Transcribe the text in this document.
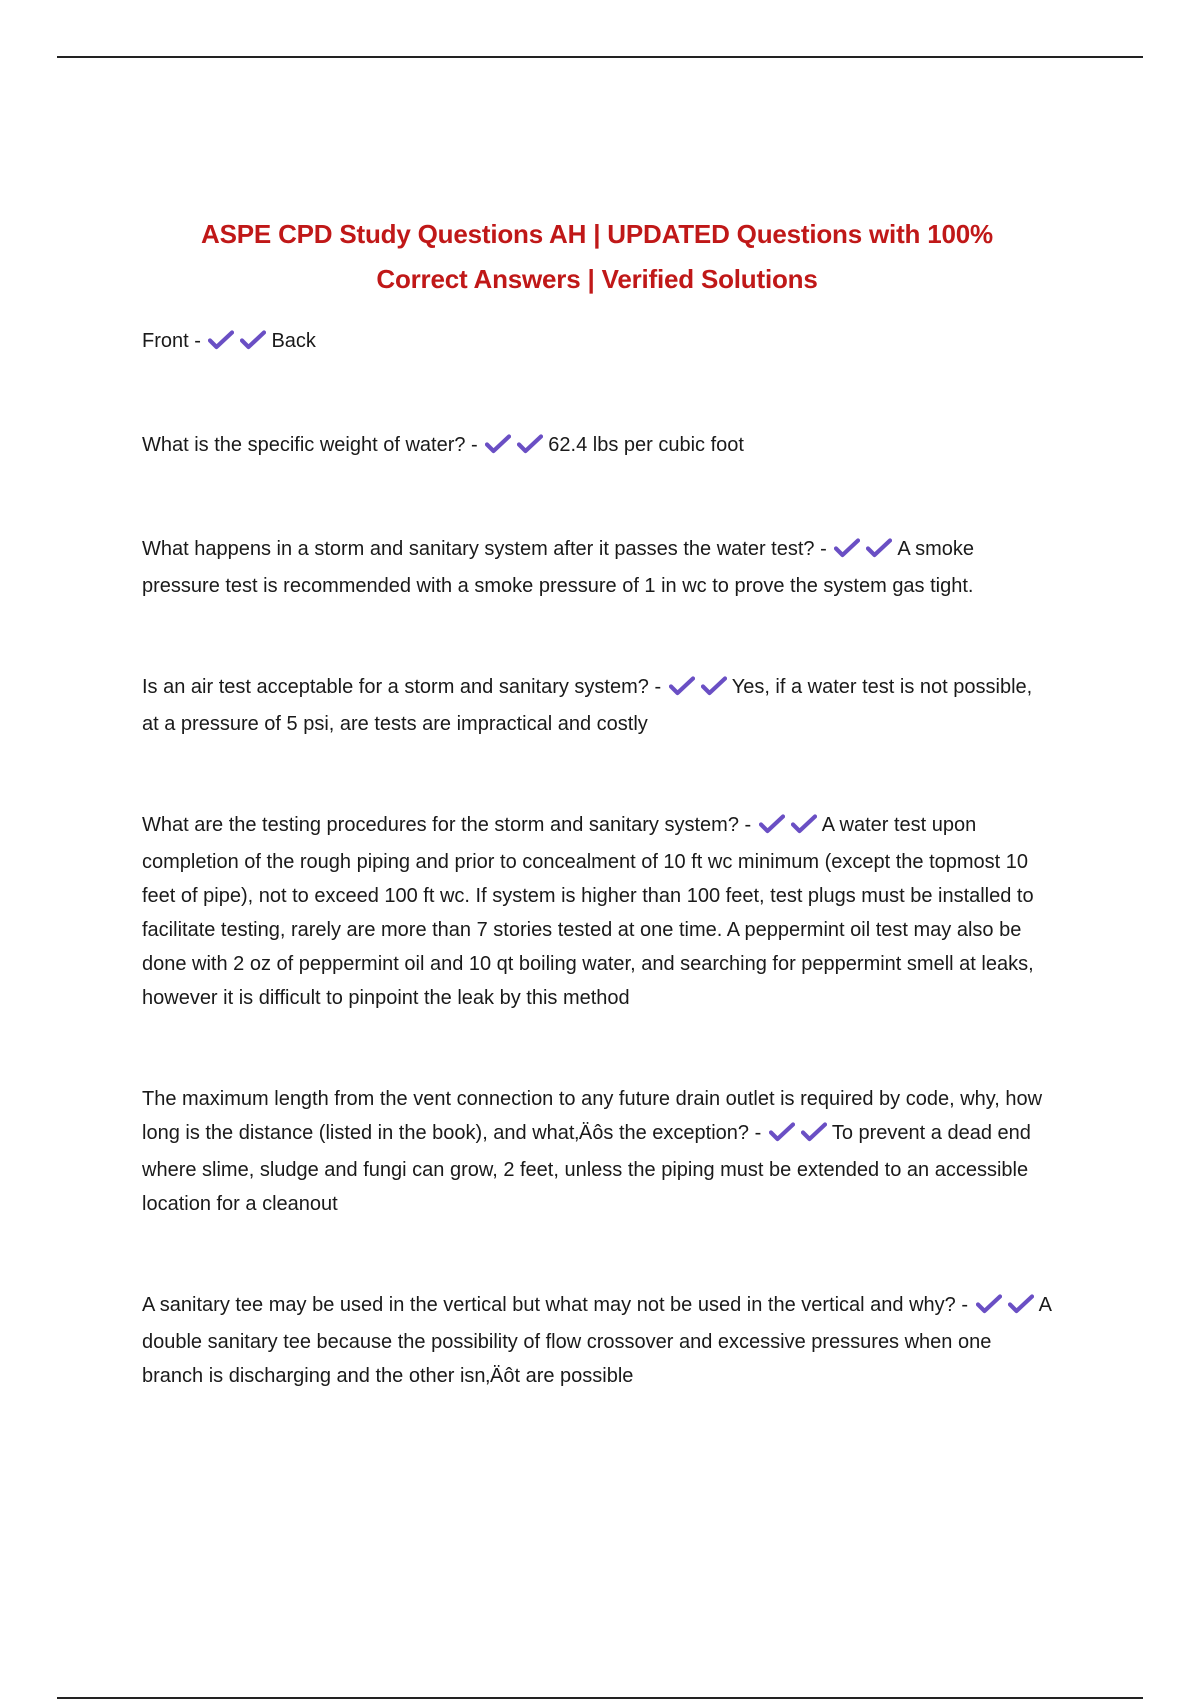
ASPE CPD Study Questions AH | UPDATED Questions with 100%
Correct Answers | Verified Solutions

Front -	Back

What is the specific weight of water? -	62.4 lbs per cubic foot

What happens in a storm and sanitary system after it passes the water test? -	A smoke pressure test is recommended with a smoke pressure of 1 in wc to prove the system gas tight.

Is an air test acceptable for a storm and sanitary system? -	Yes, if a water test is not possible, at a pressure of 5 psi, are tests are impractical and costly

What are the testing procedures for the storm and sanitary system? -	A water test upon completion of the rough piping and prior to concealment of 10 ft wc minimum (except the topmost 10 feet of pipe), not to exceed 100 ft wc. If system is higher than 100 feet, test plugs must be installed to facilitate testing, rarely are more than 7 stories tested at one time. A peppermint oil test may also be done with 2 oz of peppermint oil and 10 qt boiling water, and searching for peppermint smell at leaks, however it is difficult to pinpoint the leak by this method

The maximum length from the vent connection to any future drain outlet is required by code, why, how long is the distance (listed in the book), and what‚Äôs the exception? -	To prevent a dead end where slime, sludge and fungi can grow, 2 feet, unless the piping must be extended to an accessible location for a cleanout

A sanitary tee may be used in the vertical but what may not be used in the vertical and why? -	A double sanitary tee because the possibility of flow crossover and excessive pressures when one branch is discharging and the other isn‚Äôt are possible
